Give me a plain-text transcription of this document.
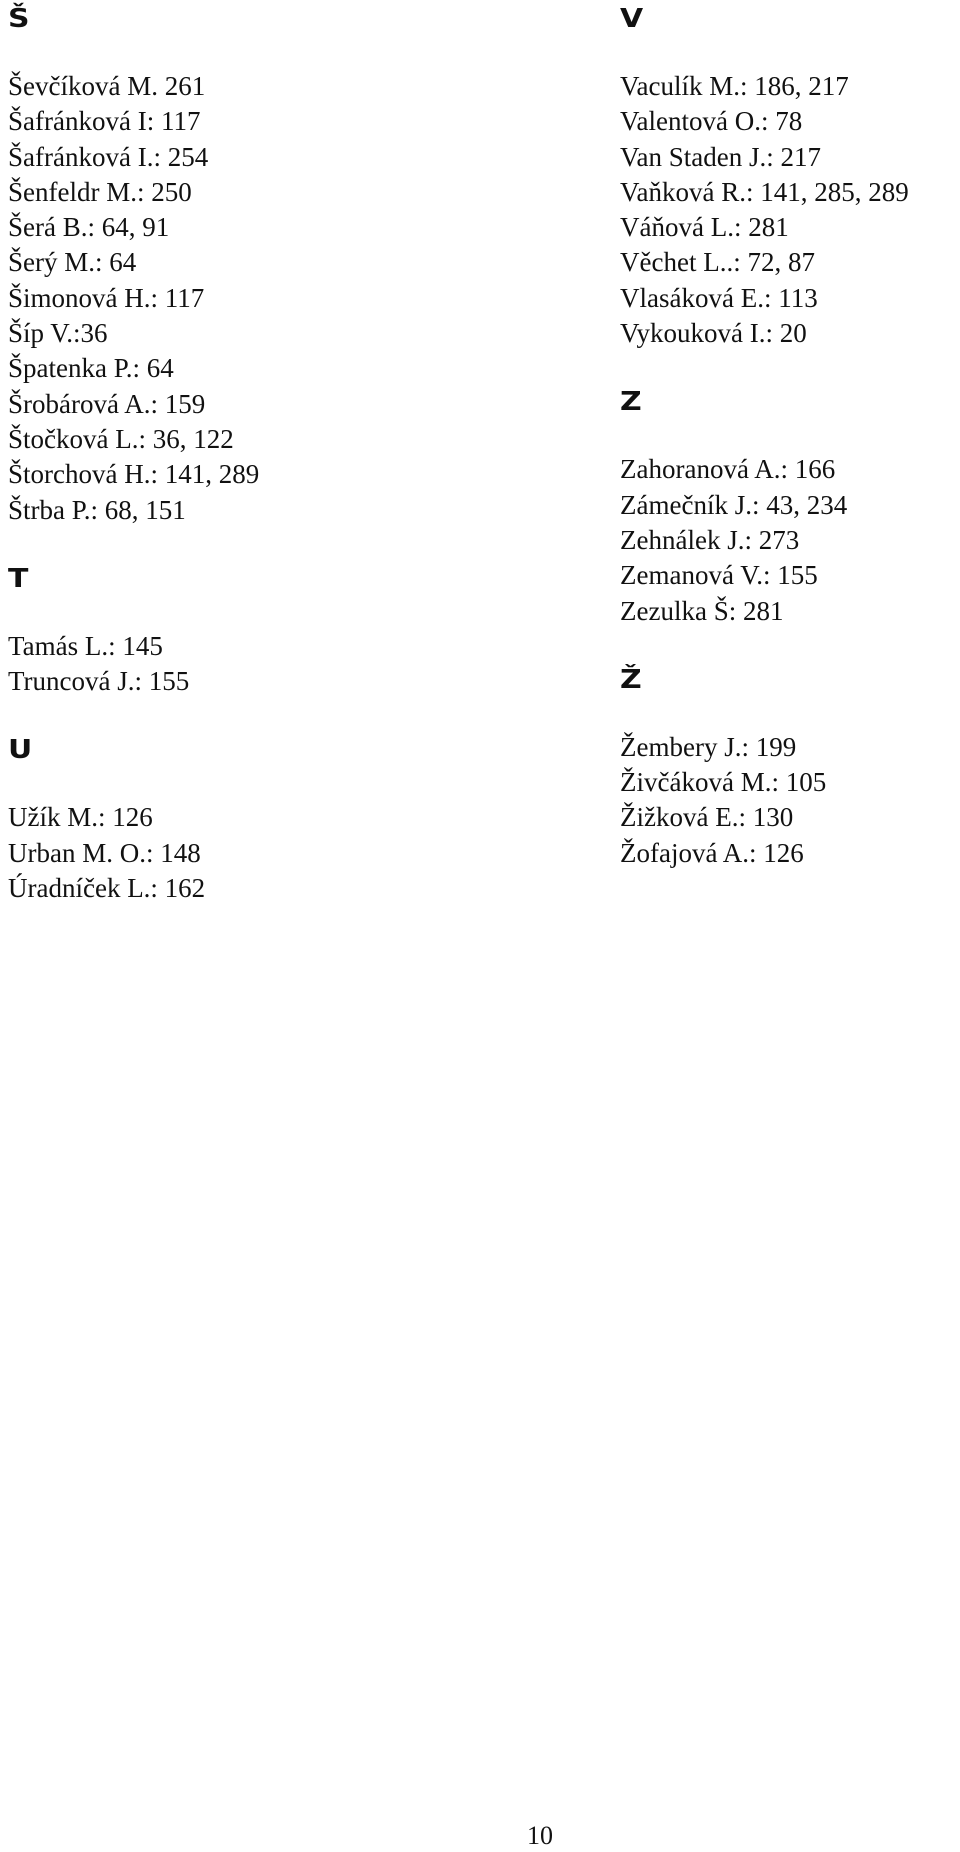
Š
Ševčíková M. 261
Šafránková I: 117
Šafránková I.: 254
Šenfeldr M.: 250
Šerá B.: 64, 91
Šerý M.: 64
Šimonová H.: 117
Šíp V.:36
Špatenka P.: 64
Šrobárová A.: 159
Štočková L.: 36, 122
Štorchová H.: 141, 289
Štrba P.: 68, 151
T
Tamás L.: 145
Truncová J.: 155
U
Užík M.: 126
Urban M. O.: 148
Úradníček L.: 162
V
Vaculík M.: 186, 217
Valentová O.: 78
Van Staden J.: 217
Vaňková R.: 141, 285, 289
Váňová L.: 281
Věchet L..: 72, 87
Vlasáková E.: 113
Vykouková I.: 20
Z
Zahoranová A.: 166
Zámečník J.: 43, 234
Zehnálek J.: 273
Zemanová V.: 155
Zezulka Š: 281
Ž
Žembery J.: 199
Živčáková M.: 105
Žižková E.: 130
Žofajová A.: 126
10
